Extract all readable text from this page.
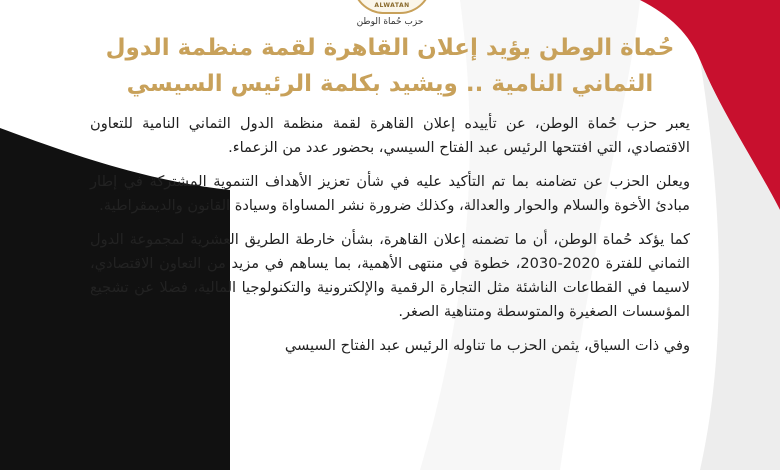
ALWATAN
حزب حُماة الوطن
حُماة الوطن يؤيد إعلان القاهرة لقمة منظمة الدول
الثماني النامية .. ويشيد بكلمة الرئيس السيسي

يعبر حزب حُماة الوطن، عن تأييده إعلان القاهرة لقمة منظمة الدول الثماني النامية للتعاون الاقتصادي، التي افتتحها الرئيس عبد الفتاح السيسي، بحضور عدد من الزعماء.

ويعلن الحزب عن تضامنه بما تم التأكيد عليه في شأن تعزيز الأهداف التنموية المشتركة في إطار مبادئ الأخوة والسلام والحوار والعدالة، وكذلك ضرورة نشر المساواة وسيادة القانون والديمقراطية.

كما يؤكد حُماة الوطن، أن ما تضمنه إعلان القاهرة، بشأن خارطة الطريق العشرية لمجموعة الدول الثماني للفترة 2020-2030، خطوة في منتهى الأهمية، بما يساهم في مزيد من التعاون الاقتصادي، لاسيما في القطاعات الناشئة مثل التجارة الرقمية والإلكترونية والتكنولوجيا المالية، فضلا عن تشجيع المؤسسات الصغيرة والمتوسطة ومتناهية الصغر.

وفي ذات السياق، يثمن الحزب ما تناوله الرئيس عبد الفتاح السيسي
